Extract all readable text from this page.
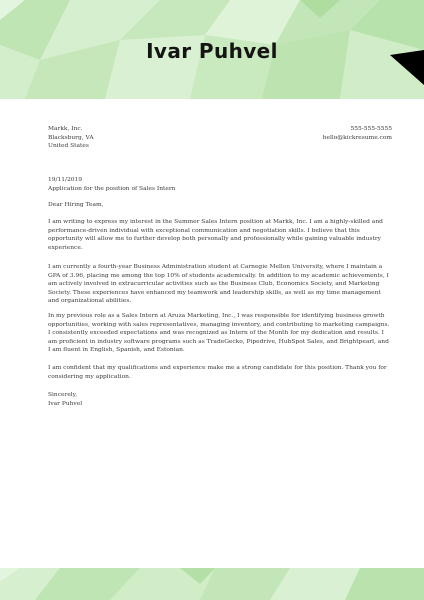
Ivar Puhvel
Markk, Inc.
Blacksburg, VA
United States
555-555-5555
hello@kickresume.com
19/11/2019
Application for the position of Sales Intern
Dear Hiring Team,

I am writing to express my interest in the Summer Sales Intern position at Markk, Inc. I am a highly-skilled and performance-driven individual with exceptional communication and negotiation skills. I believe that this opportunity will allow me to further develop both personally and professionally while gaining valuable industry experience.

I am currently a fourth-year Business Administration student at Carnegie Mellon University, where I maintain a GPA of 3.96, placing me among the top 10% of students academically. In addition to my academic achievements, I am actively involved in extracurricular activities such as the Business Club, Economics Society, and Marketing Society. These experiences have enhanced my teamwork and leadership skills, as well as my time management and organizational abilities.

In my previous role as a Sales Intern at Aruza Marketing, Inc., I was responsible for identifying business growth opportunities, working with sales representatives, managing inventory, and contributing to marketing campaigns. I consistently exceeded expectations and was recognized as Intern of the Month for my dedication and results. I am proficient in industry software programs such as TradeGecko, Pipedrive, HubSpot Sales, and Brightpearl, and I am fluent in English, Spanish, and Estonian.

I am confident that my qualifications and experience make me a strong candidate for this position. Thank you for considering my application.

Sincerely,
Ivar Puhvel
